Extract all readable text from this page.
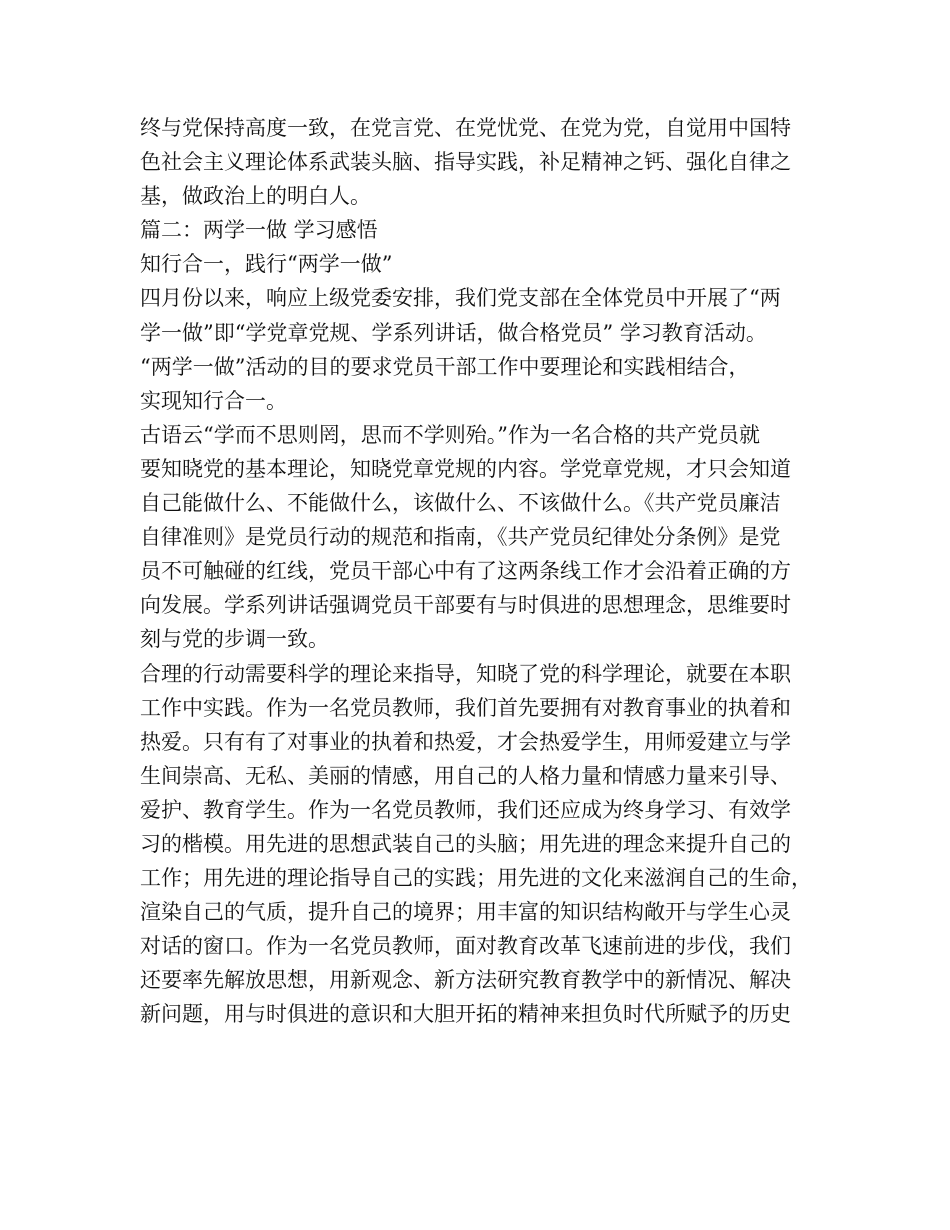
终与党保持高度一致，在党言党、在党忧党、在党为党，自觉用中国特
色社会主义理论体系武装头脑、指导实践，补足精神之钙、强化自律之
基，做政治上的明白人。
篇二：两学一做 学习感悟
知行合一，践行“两学一做”
四月份以来，响应上级党委安排，我们党支部在全体党员中开展了“两
学一做”即“学党章党规、学系列讲话，做合格党员” 学习教育活动。
“两学一做”活动的目的要求党员干部工作中要理论和实践相结合，
实现知行合一。
古语云“学而不思则罔，思而不学则殆。”作为一名合格的共产党员就
要知晓党的基本理论，知晓党章党规的内容。学党章党规，才只会知道
自己能做什么、不能做什么，该做什么、不该做什么。《共产党员廉洁
自律准则》是党员行动的规范和指南，《共产党员纪律处分条例》是党
员不可触碰的红线，党员干部心中有了这两条线工作才会沿着正确的方
向发展。学系列讲话强调党员干部要有与时俱进的思想理念，思维要时
刻与党的步调一致。
合理的行动需要科学的理论来指导，知晓了党的科学理论，就要在本职
工作中实践。作为一名党员教师，我们首先要拥有对教育事业的执着和
热爱。只有有了对事业的执着和热爱，才会热爱学生，用师爱建立与学
生间崇高、无私、美丽的情感，用自己的人格力量和情感力量来引导、
爱护、教育学生。作为一名党员教师，我们还应成为终身学习、有效学
习的楷模。用先进的思想武装自己的头脑；用先进的理念来提升自己的
工作；用先进的理论指导自己的实践；用先进的文化来滋润自己的生命，
渲染自己的气质，提升自己的境界；用丰富的知识结构敞开与学生心灵
对话的窗口。作为一名党员教师，面对教育改革飞速前进的步伐，我们
还要率先解放思想，用新观念、新方法研究教育教学中的新情况、解决
新问题，用与时俱进的意识和大胆开拓的精神来担负时代所赋予的历史
